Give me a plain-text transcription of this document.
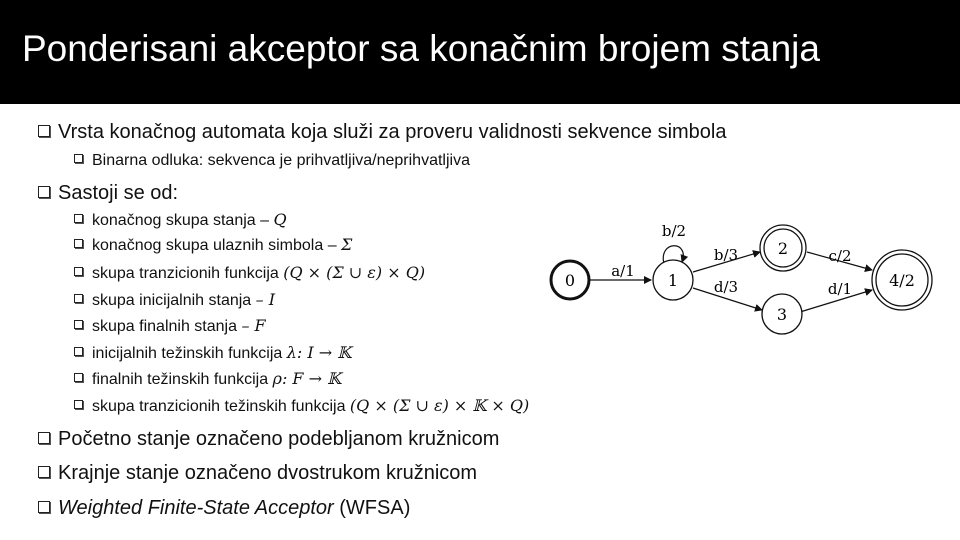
Ponderisani akceptor sa konačnim brojem stanja
Vrsta konačnog automata koja služi za proveru validnosti sekvence simbola
Binarna odluka: sekvenca je prihvatljiva/neprihvatljiva
Sastoji se od:
konačnog skupa stanja – Q
konačnog skupa ulaznih simbola – Σ
skupa tranzicionih funkcija (Q × (Σ ∪ ε) × Q)
skupa inicijalnih stanja – I
skupa finalnih stanja – F
inicijalnih težinskih funkcija λ: I → 𝕂
finalnih težinskih funkcija ρ: F → 𝕂
skupa tranzicionih težinskih funkcija (Q × (Σ ∪ ε) × 𝕂 × Q)
Početno stanje označeno podebljanom kružnicom
Krajnje stanje označeno dvostrukom kružnicom
Weighted Finite-State Acceptor (WFSA)
0	1
2
3
4/2
a/1
b/2
b/3
d/3
c/2
d/1
